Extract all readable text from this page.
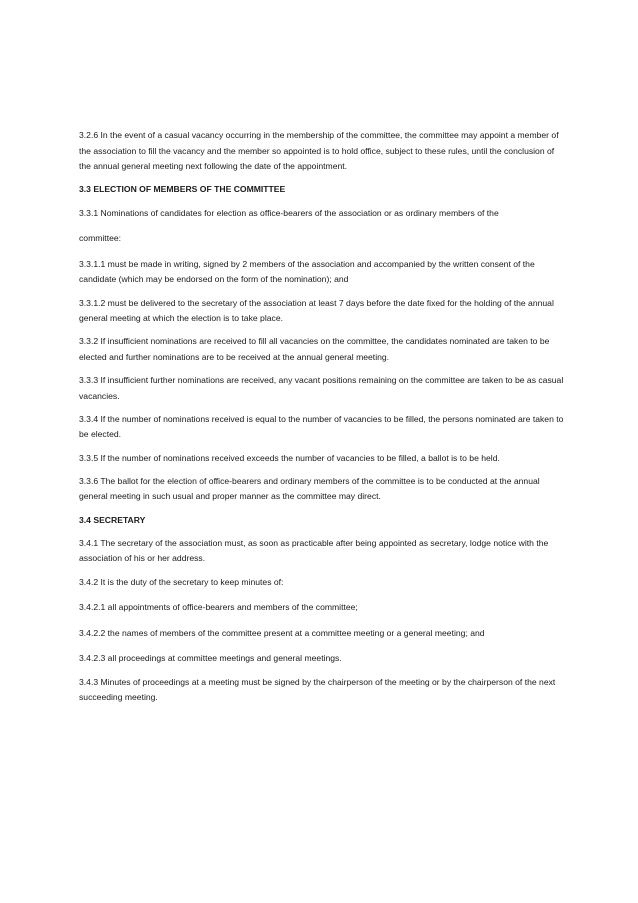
3.2.6 In the event of a casual vacancy occurring in the membership of the committee, the committee may appoint a member of the association to fill the vacancy and the member so appointed is to hold office, subject to these rules, until the conclusion of the annual general meeting next following the date of the appointment.

3.3 ELECTION OF MEMBERS OF THE COMMITTEE

3.3.1 Nominations of candidates for election as office-bearers of the association or as ordinary members of the

committee:

3.3.1.1 must be made in writing, signed by 2 members of the association and accompanied by the written consent of the candidate (which may be endorsed on the form of the nomination); and

3.3.1.2 must be delivered to the secretary of the association at least 7 days before the date fixed for the holding of the annual general meeting at which the election is to take place.

3.3.2 If insufficient nominations are received to fill all vacancies on the committee, the candidates nominated are taken to be elected and further nominations are to be received at the annual general meeting.

3.3.3 If insufficient further nominations are received, any vacant positions remaining on the committee are taken to be as casual vacancies.

3.3.4 If the number of nominations received is equal to the number of vacancies to be filled, the persons nominated are taken to be elected.

3.3.5 If the number of nominations received exceeds the number of vacancies to be filled, a ballot is to be held.

3.3.6 The ballot for the election of office-bearers and ordinary members of the committee is to be conducted at the annual general meeting in such usual and proper manner as the committee may direct.

3.4 SECRETARY

3.4.1 The secretary of the association must, as soon as practicable after being appointed as secretary, lodge notice with the association of his or her address.

3.4.2 It is the duty of the secretary to keep minutes of:

3.4.2.1 all appointments of office-bearers and members of the committee;

3.4.2.2 the names of members of the committee present at a committee meeting or a general meeting; and

3.4.2.3 all proceedings at committee meetings and general meetings.

3.4.3 Minutes of proceedings at a meeting must be signed by the chairperson of the meeting or by the chairperson of the next succeeding meeting.
